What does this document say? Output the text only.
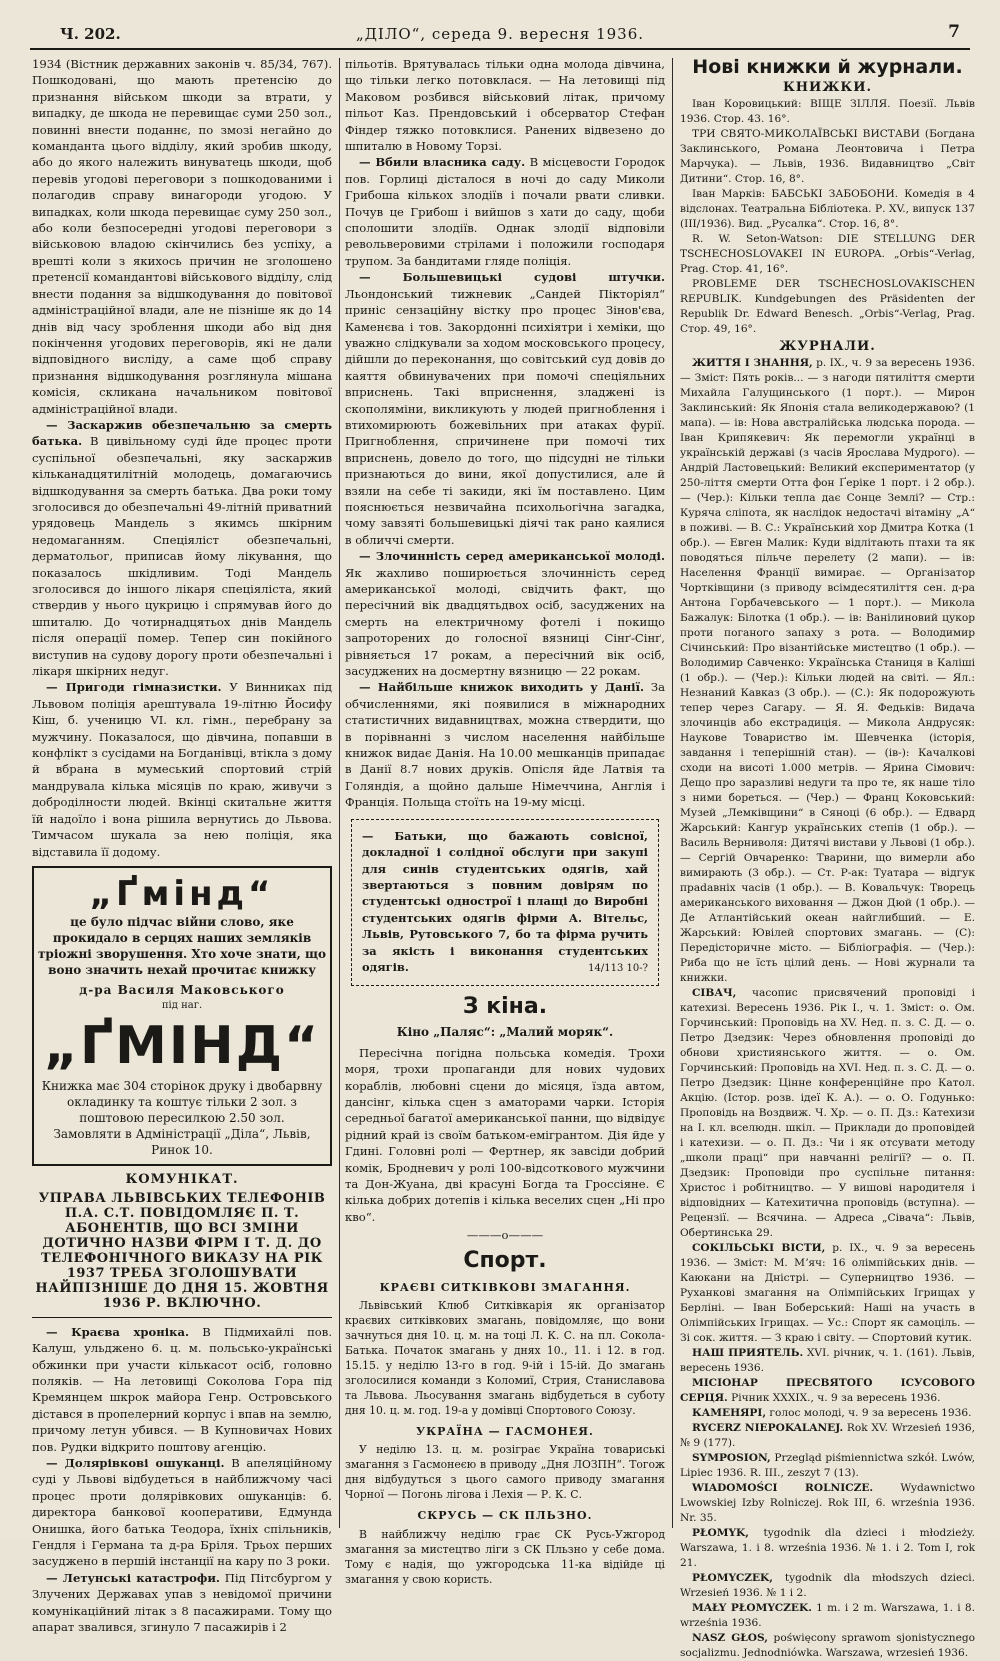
Ч. 202.	„ДІЛО“, середа 9. вересня 1936.	7

1934 (Вістник державних законів ч. 85/34, 767). Пошкодовані, що мають претенсію до признання військом шкоди за втрати, у випадку, де шкода не перевищає суми 250 зол., повинні внести поданнє, по змозі негайно до команданта цього відділу, який зробив шкоду, або до якого належить винуватець шкоди, щоб перевів угодові переговори з пошкодованими і полагодив справу винагороди угодою. У випадках, коли шкода перевищає суму 250 зол., або коли безпосередні угодові переговори з військовою владою скінчились без успіху, а врешті коли з якихось причин не зголошено претенсії командантові військового відділу, слід внести подання за відшкодування до повітової адміністраційної влади, але не пізніше як до 14 днів від часу зроблення шкоди або від дня покінчення угодових переговорів, які не дали відповідного висліду, а саме щоб справу признання відшкодування розглянула мішана комісія, скликана начальником повітової адміністраційної влади.

— Заскаржив обезпечальню за смерть батька. В цивільному суді йде процес проти суспільної обезпечальні, яку заскаржив кільканадцятилітній молодець, домагаючись відшкодування за смерть батька. Два роки тому зголосився до обезпечальні 49-літній приватний урядовець Мандель з якимсь шкірним недомаганням. Спеціяліст обезпечальні, дерматольог, приписав йому лікування, що показалось шкідливим. Тоді Мандель зголосився до іншого лікаря спеціяліста, який ствердив у нього цукрицю і спрямував його до шпиталю. До чотирнадцятьох днів Мандель після операції помер. Тепер син покійного виступив на судову дорогу проти обезпечальні і лікаря шкірних недуг.

— Пригоди гімназистки. У Винниках під Львовом поліція арештувала 19-літню Йосифу Кіш, б. ученицю VI. кл. гімн., перебрану за мужчину. Показалося, що дівчина, попавши в конфлікт з сусідами на Богданівці, втікла з дому й вбрана в мумеський спортовий стрій мандрувала кілька місяців по краю, живучи з доброділности людей. Вкінці скитальне життя їй надоїло і вона рішила вернутись до Львова. Тимчасом шукала за нею поліція, яка відставила її додому.

„Ґмінд“
це було підчас війни слово, яке прокидало в серцях наших земляків тріожні зворушення. Хто хоче знати, що воно значить нехай прочитає книжку
д-ра Василя Маковського
під наг.
„ҐМІНД“
Книжка має 304 сторінок друку і двобарвну окладинку та коштує тільки 2 зол. з поштовою пересилкою 2.50 зол.
Замовляти в Адміністрації „Діла“, Львів, Ринок 10.

КОМУНІКАТ.
УПРАВА ЛЬВІВСЬКИХ ТЕЛЕФОНІВ П.А. С.Т. ПОВІДОМЛЯЄ П. Т. АБОНЕНТІВ, ЩО ВСІ ЗМІНИ ДОТИЧНО НАЗВИ ФІРМ І Т. Д. ДО ТЕЛЕФОНІЧНОГО ВИКАЗУ НА РІК 1937 ТРЕБА ЗГОЛОШУВАТИ НАЙПІЗНІШЕ ДО ДНЯ 15. ЖОВТНЯ 1936 Р. ВКЛЮЧНО.

— Краєва хроніка. В Підмихайлі пов. Калуш, ульджено 6. ц. м. польсько-українські обжинки при участи кількасот осіб, головно поляків. — На летовищі Соколова Гора під Кремянцем шкрок майора Генр. Островського дістався в пропелерний корпус і впав на землю, причому летун убився. — В Купновичах Нових пов. Рудки відкрито поштову агенцію.

— Долярівкові ошуканці. В апеляційному суді у Львові відбудеться в найближчому часі процес проти долярівкових ошуканців: б. директора банкової кооперативи, Едмунда Онишка, його батька Теодора, їхніх спільників, Гендля і Германа та д-ра Бріля. Трьох перших засуджено в першій інстанції на кару по 3 роки.

— Летунські катастрофи. Під Пітсбургом у Злучених Державах упав з невідомої причини комунікаційний літак з 8 пасажирами. Тому що апарат звалився, згинуло 7 пасажирів і 2

пільотів. Врятувалась тільки одна молода дівчина, що тільки легко потовклася. — На летовищі під Маковом розбився військовий літак, причому пільот Каз. Прендовський і обсерватор Стефан Фіндер тяжко потовклися. Ранених відвезено до шпиталю в Новому Торзі.

— Вбили власника саду. В місцевости Городок пов. Горлиці дісталося в ночі до саду Миколи Грибоша кількох злодіїв і почали рвати сливки. Почув це Грибош і вийшов з хати до саду, щоби сполошити злодіїв. Однак злодії відповіли револьверовими стрілами і положили господаря трупом. За бандитами гляде поліція.

— Большевицькі судові штучки. Льондонський тижневик „Сандей Пікторіял“ приніс сензаційну вістку про процес Зінов'єва, Каменєва і тов. Закордонні психіятри і хеміки, що уважно слідкували за ходом московського процесу, дійшли до переконання, що совітський суд довів до каяття обвинувачених при помочі спеціяльних вприснень. Такі вприснення, зладжені із скополяміни, викликують у людей пригноблення і втихомирюють божевільних при атаках фурії. Пригноблення, спричинене при помочі тих вприснень, довело до того, що підсудні не тільки признаються до вини, якої допустилися, але й взяли на себе ті закиди, які їм поставлено. Цим пояснюється незвичайна психольогічна загадка, чому завзяті большевицькі діячі так рано каялися в обличчі смерти.

— Злочинність серед американської молоді. Як жахливо поширюється злочинність серед американської молоді, свідчить факт, що пересічний вік двадцятьдвох осіб, засуджених на смерть на електричному фотелі і покищо запроторених до голосної вязниці Сінґ-Сінґ, рівняється 17 рокам, а пересічний вік осіб, засуджених на досмертну вязницю — 22 рокам.

— Найбільше книжок виходить у Данії. За обчисленнями, які появилися в міжнародних статистичних видавництвах, можна ствердити, що в порівнанні з числом населення найбільше книжок видає Данія. На 10.00 мешканців припадає в Данії 8.7 нових друків. Опісля йде Латвія та Голяндія, а щойно дальше Німеччина, Англія і Франція. Польща стоїть на 19-му місці.

— Батьки, що бажають совісної, докладної і солідної обслуги при закупі для синів студентських одягів, хай звертаються з повним довірям по студентські однострої і плащі до Виробні студентських одягів фірми А. Вітельс, Львів, Рутовського 7, бо та фірма ручить за якість і виконання студентських одягів.	14/113 10-?
З кіна.
Кіно „Паляс“: „Малий моряк“.

Пересічна погідна польська комедія. Трохи моря, трохи пропаганди для нових чудових кораблів, любовні сцени до місяця, їзда автом, дансінг, кілька сцен з аматорами чарки. Історія середньої багатої американської панни, що відвідує рідний край із своїм батьком-емігрантом. Дія йде у Гдині. Головні ролі — Фертнер, як завсіди добрий комік, Бродневич у ролі 100-відсоткового мужчини та Дон-Жуана, дві красуні Богда та Гроссіяне. Є кілька добрих дотепів і кілька веселих сцен „Ні про кво“.

———о———
Спорт.
КРАЄВІ СИТКІВКОВІ ЗМАГАННЯ.

Львівський Клюб Ситківкарія як організатор краєвих ситківкових змагань, повідомляє, що вони зачнуться дня 10. ц. м. на тоці Л. К. С. на пл. Сокола-Батька. Початок змагань у днях 10., 11. і 12. в год. 15.15. у неділю 13-го в год. 9-ій і 15-ій. До змагань зголосилися команди з Коломиї, Стрия, Станиславова та Львова. Льосування змагань відбудеться в суботу дня 10. ц. м. год. 19-а у домівці Спортового Союзу.

УКРАЇНА — ГАСМОНЕЯ.

У неділю 13. ц. м. розіграє Україна товариські змагання з Гасмонеєю в приводу „Дня ЛОЗПН“. Тогож дня відбудуться з цього самого приводу змагання Чорної — Погонь лігова і Лехія — Р. К. С.

СКРУСЬ — СК ПЛЬЗНО.

В найближчу неділю грає СК Русь-Ужгород змагання за мистецтво ліги з СК Пльзно у себе дома. Тому є надія, що ужгородська 11-ка відійде ці змагання у свою користь.

Нові книжки й журнали.
КНИЖКИ.

Іван Коровицький: ВІЩЕ ЗІЛЛЯ. Поезії. Львів 1936. Стор. 43. 16°.

ТРИ СВЯТО-МИКОЛАЇВСЬКІ ВИСТАВИ (Богдана Заклинського, Романа Леонтовича і Петра Марчука). — Львів, 1936. Видавництво „Світ Дитини“. Стор. 16, 8°.

Іван Марків: БАБСЬКІ ЗАБОБОНИ. Комедія в 4 відслонах. Театральна Бібліотека. Р. XV., випуск 137 (III/1936). Вид. „Русалка“. Стор. 16, 8°.

R. W. Seton-Watson: DIE STELLUNG DER TSCHECHOSLOVAKEI IN EUROPA. „Orbis“-Verlag, Prag. Стор. 41, 16°.

PROBLEME DER TSCHECHOSLOVAKISCHEN REPUBLIK. Kundgebungen des Präsidenten der Republik Dr. Edward Benesch. „Orbis“-Verlag, Prag. Стор. 49, 16°.

ЖУРНАЛИ.

ЖИТТЯ І ЗНАННЯ, р. IX., ч. 9 за вересень 1936. — Зміст: Пять років... — з нагоди пятиліття смерти Михайла Галущинського (1 порт.). — Мирон Заклинський: Як Японія стала великодержавою? (1 мапа). — ів: Нова австралійська людська порода. — Іван Крипякевич: Як перемогли українці в українській державі (з часів Ярослава Мудрого). — Андрій Ластовецький: Великий експериментатор (у 250-ліття смерти Отта фон Ґеріке 1 порт. і 2 обр.). — (Чер.): Кільки тепла дає Сонце Землі? — Стр.: Куряча сліпота, як наслідок недостачі вітаміну „А“ в поживі. — В. С.: Український хор Дмитра Котка (1 обр.). — Евген Малик: Куди відлітають птахи та як поводяться пільче перелету (2 мапи). — ів: Населення Франції вимирає. — Організатор Чортківщини (з приводу всімдесятиліття сен. д-ра Антона Горбачевського — 1 порт.). — Микола Бажалук: Білотка (1 обр.). — ів: Ванілиновий цукор проти поганого запаху з рота. — Володимир Січинський: Про візантійське мистецтво (1 обр.). — Володимир Савченко: Українська Станиця в Калішi (1 обр.). — (Чер.): Кільки людей на світі. — Ял.: Незнаний Кавказ (3 обр.). — (С.): Як подорожують тепер через Сагару. — Я. Я. Федьків: Видача злочинців або екстрадиція. — Микола Андрусяк: Наукове Товариство ім. Шевченка (історія, завдання і теперішній стан). — (ів-): Качалкові сходи на висоті 1.000 метрів. — Ярина Сімович: Дещо про заразливі недуги та про те, як наше тіло з ними бореться. — (Чер.) — Франц Коковський: Музей „Лемківщини“ в Сяноці (6 обр.). — Едвард Жарський: Кангур українських степів (1 обр.). — Василь Верниволя: Дитячі вистави у Львові (1 обр.). — Сергій Овчаренко: Тварини, що вимерли або вимирають (3 обр.). — Ст. Р-ак: Туатара — відгук праdавніх часів (1 обр.). — В. Ковальчук: Творець американського виховання — Джон Дюй (1 обр.). — Де Атлантійський океан найглибший. — Е. Жарський: Ювілей спортових змагань. — (С): Передісторичне місто. — Бібліографія. — (Чер.): Риба що не їсть цілий день. — Нові журнали та книжки.

СІВАЧ, часопис присвячений проповіді і катехизі. Вересень 1936. Рік І., ч. 1. Зміст: о. Ом. Горчинський: Проповідь на XV. Нед. п. з. С. Д. — о. Петро Дзедзик: Через обновлення проповіді до обнови християнського життя. — о. Ом. Горчинський: Проповідь на XVI. Нед. п. з. С. Д. — о. Петро Дзедзик: Цінне конференційне про Катол. Акцію. (Істор. розв. ідеї К. А.). — о. О. Годунько: Проповідь на Воздвиж. Ч. Хр. — о. П. Дз.: Катехизи на І. кл. вселюдн. шкіл. — Приклади до проповідей і катехизи. — о. П. Дз.: Чи і як отсувати методу „школи праці“ при навчанні релігії? — о. П. Дзедзик: Проповіди про суспільне питання: Христос і робітництво. — У вишові народителя і відповідних — Катехитична проповідь (вступна). — Рецензії. — Всячина. — Адреса „Сівача“: Львів, Обертинська 29.

СОКІЛЬСЬКІ ВІСТИ, р. IX., ч. 9 за вересень 1936. — Зміст: М. Мʼяч: 16 олімпійських днів. — Каюкани на Дністрі. — Суперництво 1936. — Руханкові змагання на Олімпійських Ігрищах у Берліні. — Іван Боберський: Наші на участь в Олімпійських Ігрищах. — Ус.: Спорт як самоціль. — Зі сок. життя. — З краю і світу. — Спортовий кутик.

НАШ ПРИЯТЕЛЬ. XVI. річник, ч. 1. (161). Львів, вересень 1936.

МІСІОНАР ПРЕСВЯТОГО ІСУСОВОГО СЕРЦЯ. Річник XXXIX., ч. 9 за вересень 1936.

КАМЕНЯРІ, голос молоді, ч. 9 за вересень 1936.

RYCERZ NIEPOKALANEJ. Rok XV. Wrzesień 1936, № 9 (177).

SYMPOSION, Przegląd piśmiennictwa szkół. Lwów, Lipiec 1936. R. III., zeszyt 7 (13).

WIADOMOŚCI ROLNICZE.	Wydawnictwo Lwowskiej Izby Rolniczej. Rok III, 6. września 1936. Nr. 35.

PŁOMYK, tygodnik dla dzieci i młodzieży. Warszawa, 1. i 8. września 1936. № 1. i 2. Tom I, rok 21.

PŁOMYCZEK, tygodnik dla młodszych dzieci. Wrzesień 1936. № 1 i 2.

MAŁY PŁOMYCZEK. 1 m. i 2 m. Warszawa, 1. i 8. września 1936.

NASZ GŁOS, poświęcony sprawom sjonistycznego socjalizmu. Jednodniówka. Warszawa, wrzesień 1936.
